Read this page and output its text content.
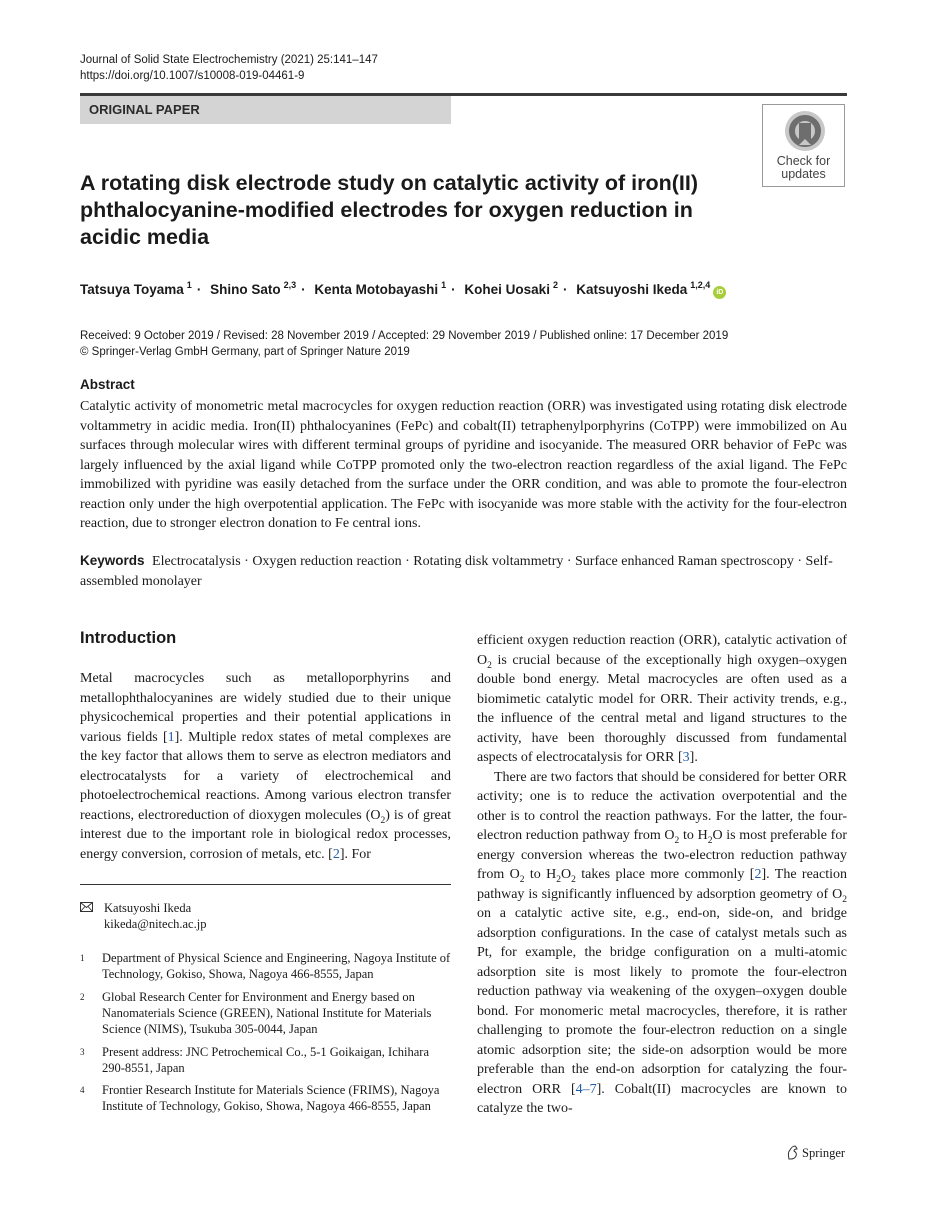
Journal of Solid State Electrochemistry (2021) 25:141–147
https://doi.org/10.1007/s10008-019-04461-9
ORIGINAL PAPER
Check for
updates
A rotating disk electrode study on catalytic activity of iron(II) phthalocyanine-modified electrodes for oxygen reduction in acidic media
Tatsuya Toyama $^1$ · Shino Sato $^{2,3}$ · Kenta Motobayashi $^1$ · Kohei Uosaki $^2$ · Katsuyoshi Ikeda $^{1,2,4}$iD
Received: 9 October 2019 / Revised: 28 November 2019 / Accepted: 29 November 2019 / Published online: 17 December 2019
© Springer-Verlag GmbH Germany, part of Springer Nature 2019
Abstract
Catalytic activity of monometric metal macrocycles for oxygen reduction reaction (ORR) was investigated using rotating disk electrode voltammetry in acidic media. Iron(II) phthalocyanines (FePc) and cobalt(II) tetraphenylporphyrins (CoTPP) were immobilized on Au surfaces through molecular wires with different terminal groups of pyridine and isocyanide. The measured ORR behavior of FePc was largely influenced by the axial ligand while CoTPP promoted only the two-electron reaction regardless of the axial ligand. The FePc immobilized with pyridine was easily detached from the surface under the ORR condition, and was able to promote the four-electron reaction only under the high overpotential application. The FePc with isocyanide was more stable with the activity for the four-electron reaction, due to stronger electron donation to Fe central ions.
Keywords Electrocatalysis · Oxygen reduction reaction · Rotating disk voltammetry · Surface enhanced Raman spectroscopy · Self-assembled monolayer
Introduction

Metal macrocycles such as metalloporphyrins and metallophthalocyanines are widely studied due to their unique physicochemical properties and their potential applications in various fields [1]. Multiple redox states of metal complexes are the key factor that allows them to serve as electron mediators and electrocatalysts for a variety of electrochemical and photoelectrochemical reactions. Among various electron transfer reactions, electroreduction of dioxygen molecules $(O_2)$ is of great interest due to the important role in biological redox processes, energy conversion, corrosion of metals, etc. [2]. For

efficient oxygen reduction reaction (ORR), catalytic activation of $O_2$ is crucial because of the exceptionally high oxygen–oxygen double bond energy. Metal macrocycles are often used as a biomimetic catalytic model for ORR. Their activity trends, e.g., the influence of the central metal and ligand structures to the activity, have been thoroughly discussed from fundamental aspects of electrocatalysis for ORR [3].

There are two factors that should be considered for better ORR activity; one is to reduce the activation overpotential and the other is to control the reaction pathways. For the latter, the four-electron reduction pathway from $O_2$ to $H_2O$ is most preferable for energy conversion whereas the two-electron reduction pathway from $O_2$ to $H_2O_2$ takes place more commonly [2]. The reaction pathway is significantly influenced by adsorption geometry of $O_2$ on a catalytic active site, e.g., end-on, side-on, and bridge adsorption configurations. In the case of catalyst metals such as Pt, for example, the bridge configuration on a multi-atomic adsorption site is most likely to promote the four-electron reduction pathway via weakening of the oxygen–oxygen double bond. For monomeric metal macrocycles, therefore, it is rather challenging to promote the four-electron reduction on a single atomic adsorption site; the side-on adsorption would be more preferable than the end-on adsorption for catalyzing the four-electron ORR [4–7]. Cobalt(II) macrocycles are known to catalyze the two-

Katsuyoshi Ikeda
kikeda@nitech.ac.jp
1 Department of Physical Science and Engineering, Nagoya Institute of Technology, Gokiso, Showa, Nagoya 466-8555, Japan
2 Global Research Center for Environment and Energy based on Nanomaterials Science (GREEN), National Institute for Materials Science (NIMS), Tsukuba 305-0044, Japan
3 Present address: JNC Petrochemical Co., 5-1 Goikaigan, Ichihara 290-8551, Japan
4 Frontier Research Institute for Materials Science (FRIMS), Nagoya Institute of Technology, Gokiso, Showa, Nagoya 466-8555, Japan
Springer
